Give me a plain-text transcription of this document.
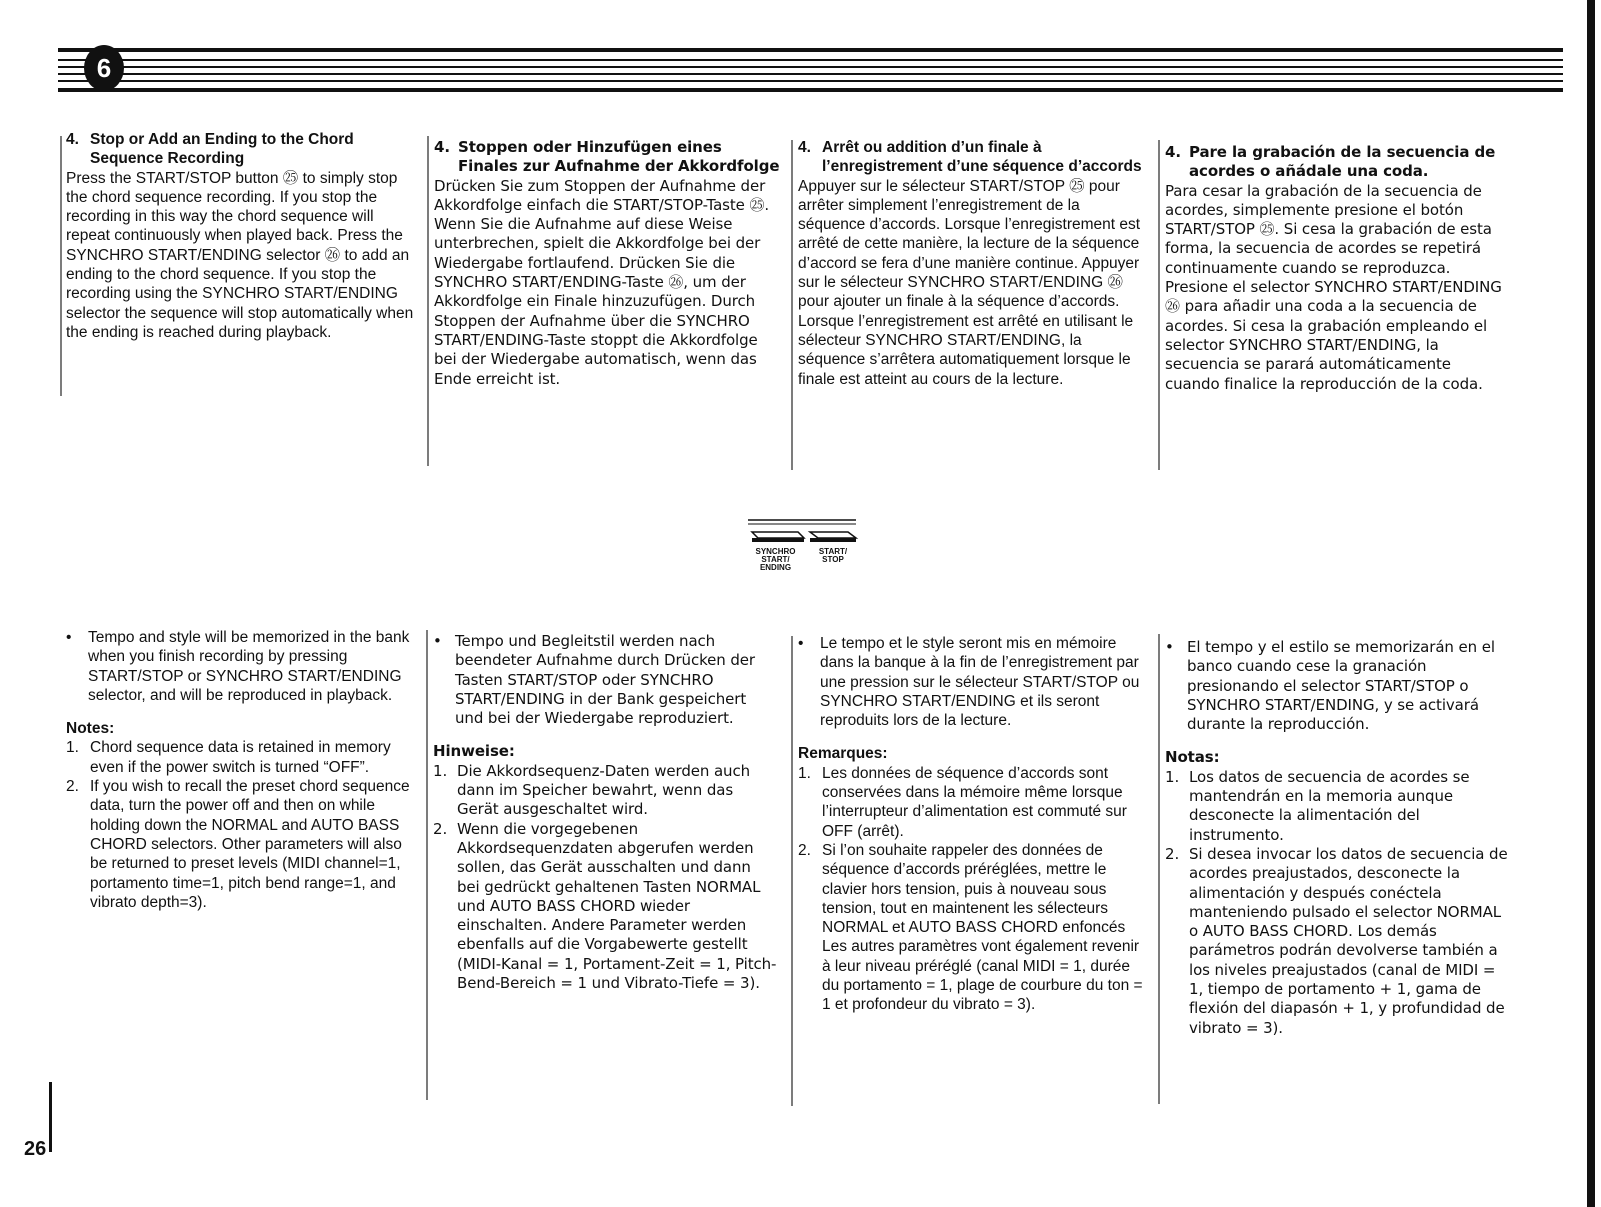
6

4. Stop or Add an Ending to the Chord Sequence Recording

Press the START/STOP button ㉕ to simply stop the chord sequence recording. If you stop the recording in this way the chord sequence will repeat continuously when played back. Press the SYNCHRO START/ENDING selector ㉖ to add an ending to the chord sequence. If you stop the recording using the SYNCHRO START/ENDING selector the sequence will stop automatically when the ending is reached during playback.

4. Stoppen oder Hinzufügen eines Finales zur Aufnahme der Akkordfolge

Drücken Sie zum Stoppen der Aufnahme der Akkordfolge einfach die START/STOP-Taste ㉕. Wenn Sie die Aufnahme auf diese Weise unterbrechen, spielt die Akkordfolge bei der Wiedergabe fortlaufend. Drücken Sie die SYNCHRO START/ENDING-Taste ㉖, um der Akkordfolge ein Finale hinzuzufügen. Durch Stoppen der Aufnahme über die SYNCHRO START/ENDING-Taste stoppt die Akkordfolge bei der Wiedergabe automatisch, wenn das Ende erreicht ist.

4. Arrêt ou addition d’un finale à l’enregistrement d’une séquence d’accords

Appuyer sur le sélecteur START/STOP ㉕ pour arrêter simplement l’enregistrement de la séquence d’accords. Lorsque l’enregistrement est arrêté de cette manière, la lecture de la séquence d’accord se fera d’une manière continue. Appuyer sur le sélecteur SYNCHRO START/ENDING ㉖ pour ajouter un finale à la séquence d’accords. Lorsque l’enregistrement est arrêté en utilisant le sélecteur SYNCHRO START/ENDING, la séquence s’arrêtera automatiquement lorsque le finale est atteint au cours de la lecture.

4. Pare la grabación de la secuencia de acordes o añádale una coda.

Para cesar la grabación de la secuencia de acordes, simplemente presione el botón START/STOP ㉕. Si cesa la grabación de esta forma, la secuencia de acordes se repetirá continuamente cuando se reproduzca. Presione el selector SYNCHRO START/ENDING ㉖ para añadir una coda a la secuencia de acordes. Si cesa la grabación empleando el selector SYNCHRO START/ENDING, la secuencia se parará automáticamente cuando finalice la reproducción de la coda.

SYNCHRO
START/
ENDING
START/
STOP

• Tempo and style will be memorized in the bank when you finish recording by pressing START/STOP or SYNCHRO START/ENDING selector, and will be reproduced in playback.

Notes:

1. Chord sequence data is retained in memory even if the power switch is turned “OFF”.

2. If you wish to recall the preset chord sequence data, turn the power off and then on while holding down the NORMAL and AUTO BASS CHORD selectors. Other parameters will also be returned to preset levels (MIDI channel=1, portamento time=1, pitch bend range=1, and vibrato depth=3).

• Tempo und Begleitstil werden nach beendeter Aufnahme durch Drücken der Tasten START/STOP oder SYNCHRO START/ENDING in der Bank gespeichert und bei der Wiedergabe reproduziert.

Hinweise:

1. Die Akkordsequenz-Daten werden auch dann im Speicher bewahrt, wenn das Gerät ausgeschaltet wird.

2. Wenn die vorgegebenen Akkordsequenzdaten abgerufen werden sollen, das Gerät ausschalten und dann bei gedrückt gehaltenen Tasten NORMAL und AUTO BASS CHORD wieder einschalten. Andere Parameter werden ebenfalls auf die Vorgabewerte gestellt (MIDI-Kanal = 1, Portament-Zeit = 1, Pitch-Bend-Bereich = 1 und Vibrato-Tiefe = 3).

• Le tempo et le style seront mis en mémoire dans la banque à la fin de l’enregistrement par une pression sur le sélecteur START/STOP ou SYNCHRO START/ENDING et ils seront reproduits lors de la lecture.

Remarques:

1. Les données de séquence d’accords sont conservées dans la mémoire même lorsque l’interrupteur d’alimentation est commuté sur OFF (arrêt).

2. Si l’on souhaite rappeler des données de séquence d’accords préréglées, mettre le clavier hors tension, puis à nouveau sous tension, tout en maintenent les sélecteurs NORMAL et AUTO BASS CHORD enfoncés Les autres paramètres vont également revenir à leur niveau préréglé (canal MIDI = 1, durée du portamento = 1, plage de courbure du ton = 1 et profondeur du vibrato = 3).

• El tempo y el estilo se memorizarán en el banco cuando cese la granación presionando el selector START/STOP o SYNCHRO START/ENDING, y se activará durante la reproducción.

Notas:

1. Los datos de secuencia de acordes se mantendrán en la memoria aunque desconecte la alimentación del instrumento.

2. Si desea invocar los datos de secuencia de acordes preajustados, desconecte la alimentación y después conéctela manteniendo pulsado el selector NORMAL o AUTO BASS CHORD. Los demás parámetros podrán devolverse también a los niveles preajustados (canal de MIDI = 1, tiempo de portamento + 1, gama de flexión del diapasón + 1, y profundidad de vibrato = 3).

26
